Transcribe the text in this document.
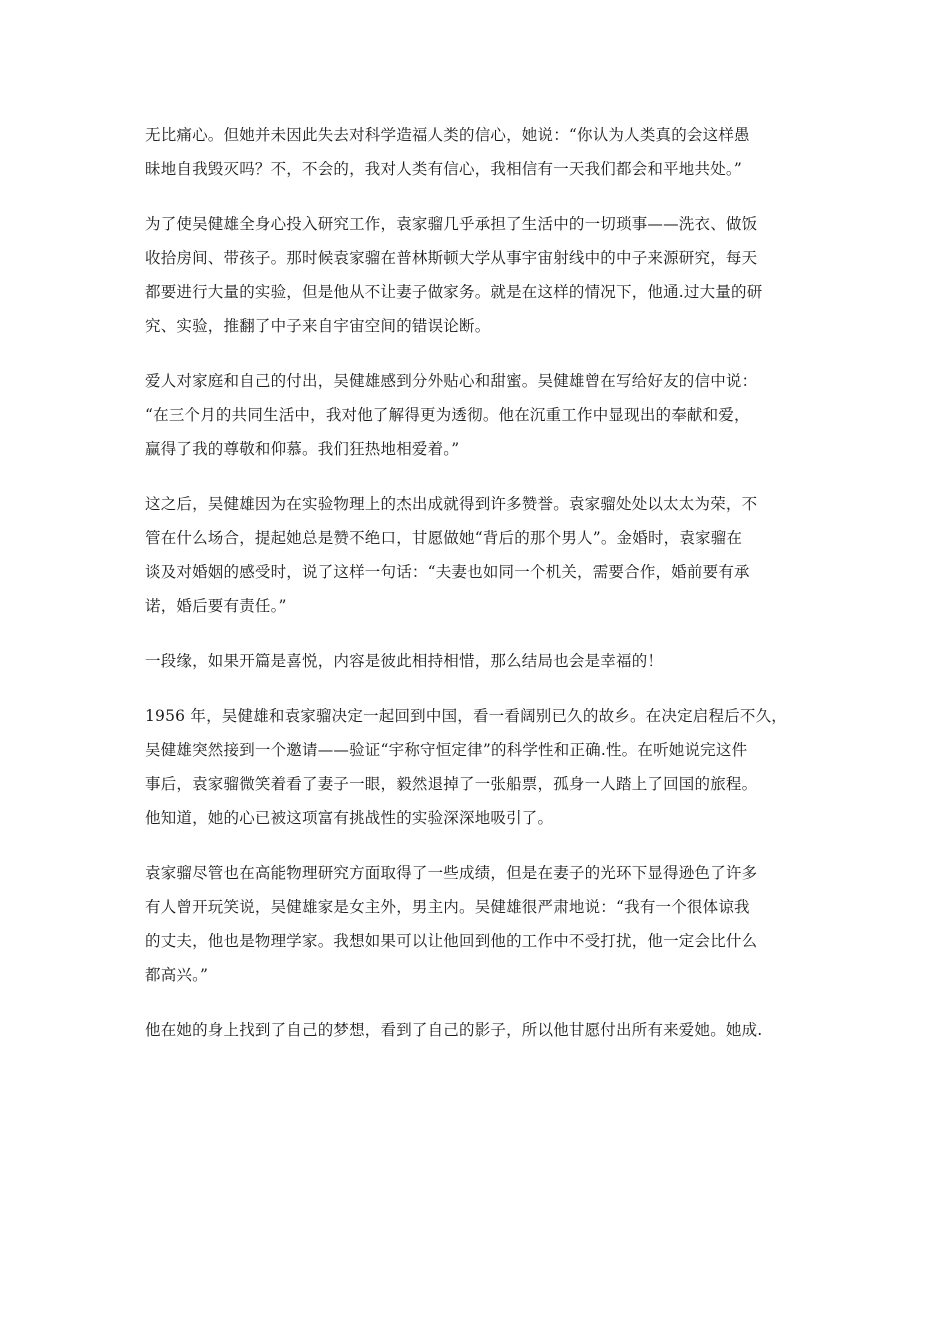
无比痛心。但她并未因此失去对科学造福人类的信心，她说：“你认为人类真的会这样愚
昧地自我毁灭吗？不，不会的，我对人类有信心，我相信有一天我们都会和平地共处。”
为了使吴健雄全身心投入研究工作，袁家骝几乎承担了生活中的一切琐事——洗衣、做饭
收拾房间、带孩子。那时候袁家骝在普林斯顿大学从事宇宙射线中的中子来源研究，每天
都要进行大量的实验，但是他从不让妻子做家务。就是在这样的情况下，他通.过大量的研
究、实验，推翻了中子来自宇宙空间的错误论断。
爱人对家庭和自己的付出，吴健雄感到分外贴心和甜蜜。吴健雄曾在写给好友的信中说：
“在三个月的共同生活中，我对他了解得更为透彻。他在沉重工作中显现出的奉献和爱，
赢得了我的尊敬和仰慕。我们狂热地相爱着。”
这之后，吴健雄因为在实验物理上的杰出成就得到许多赞誉。袁家骝处处以太太为荣，不
管在什么场合，提起她总是赞不绝口，甘愿做她“背后的那个男人”。金婚时，袁家骝在
谈及对婚姻的感受时，说了这样一句话：“夫妻也如同一个机关，需要合作，婚前要有承
诺，婚后要有责任。”
一段缘，如果开篇是喜悦，内容是彼此相持相惜，那么结局也会是幸福的！
1956 年，吴健雄和袁家骝决定一起回到中国，看一看阔别已久的故乡。在决定启程后不久，
吴健雄突然接到一个邀请——验证“宇称守恒定律”的科学性和正确.性。在听她说完这件
事后，袁家骝微笑着看了妻子一眼，毅然退掉了一张船票，孤身一人踏上了回国的旅程。
他知道，她的心已被这项富有挑战性的实验深深地吸引了。
袁家骝尽管也在高能物理研究方面取得了一些成绩，但是在妻子的光环下显得逊色了许多
有人曾开玩笑说，吴健雄家是女主外，男主内。吴健雄很严肃地说：“我有一个很体谅我
的丈夫，他也是物理学家。我想如果可以让他回到他的工作中不受打扰，他一定会比什么
都高兴。”
他在她的身上找到了自己的梦想，看到了自己的影子，所以他甘愿付出所有来爱她。她成.
